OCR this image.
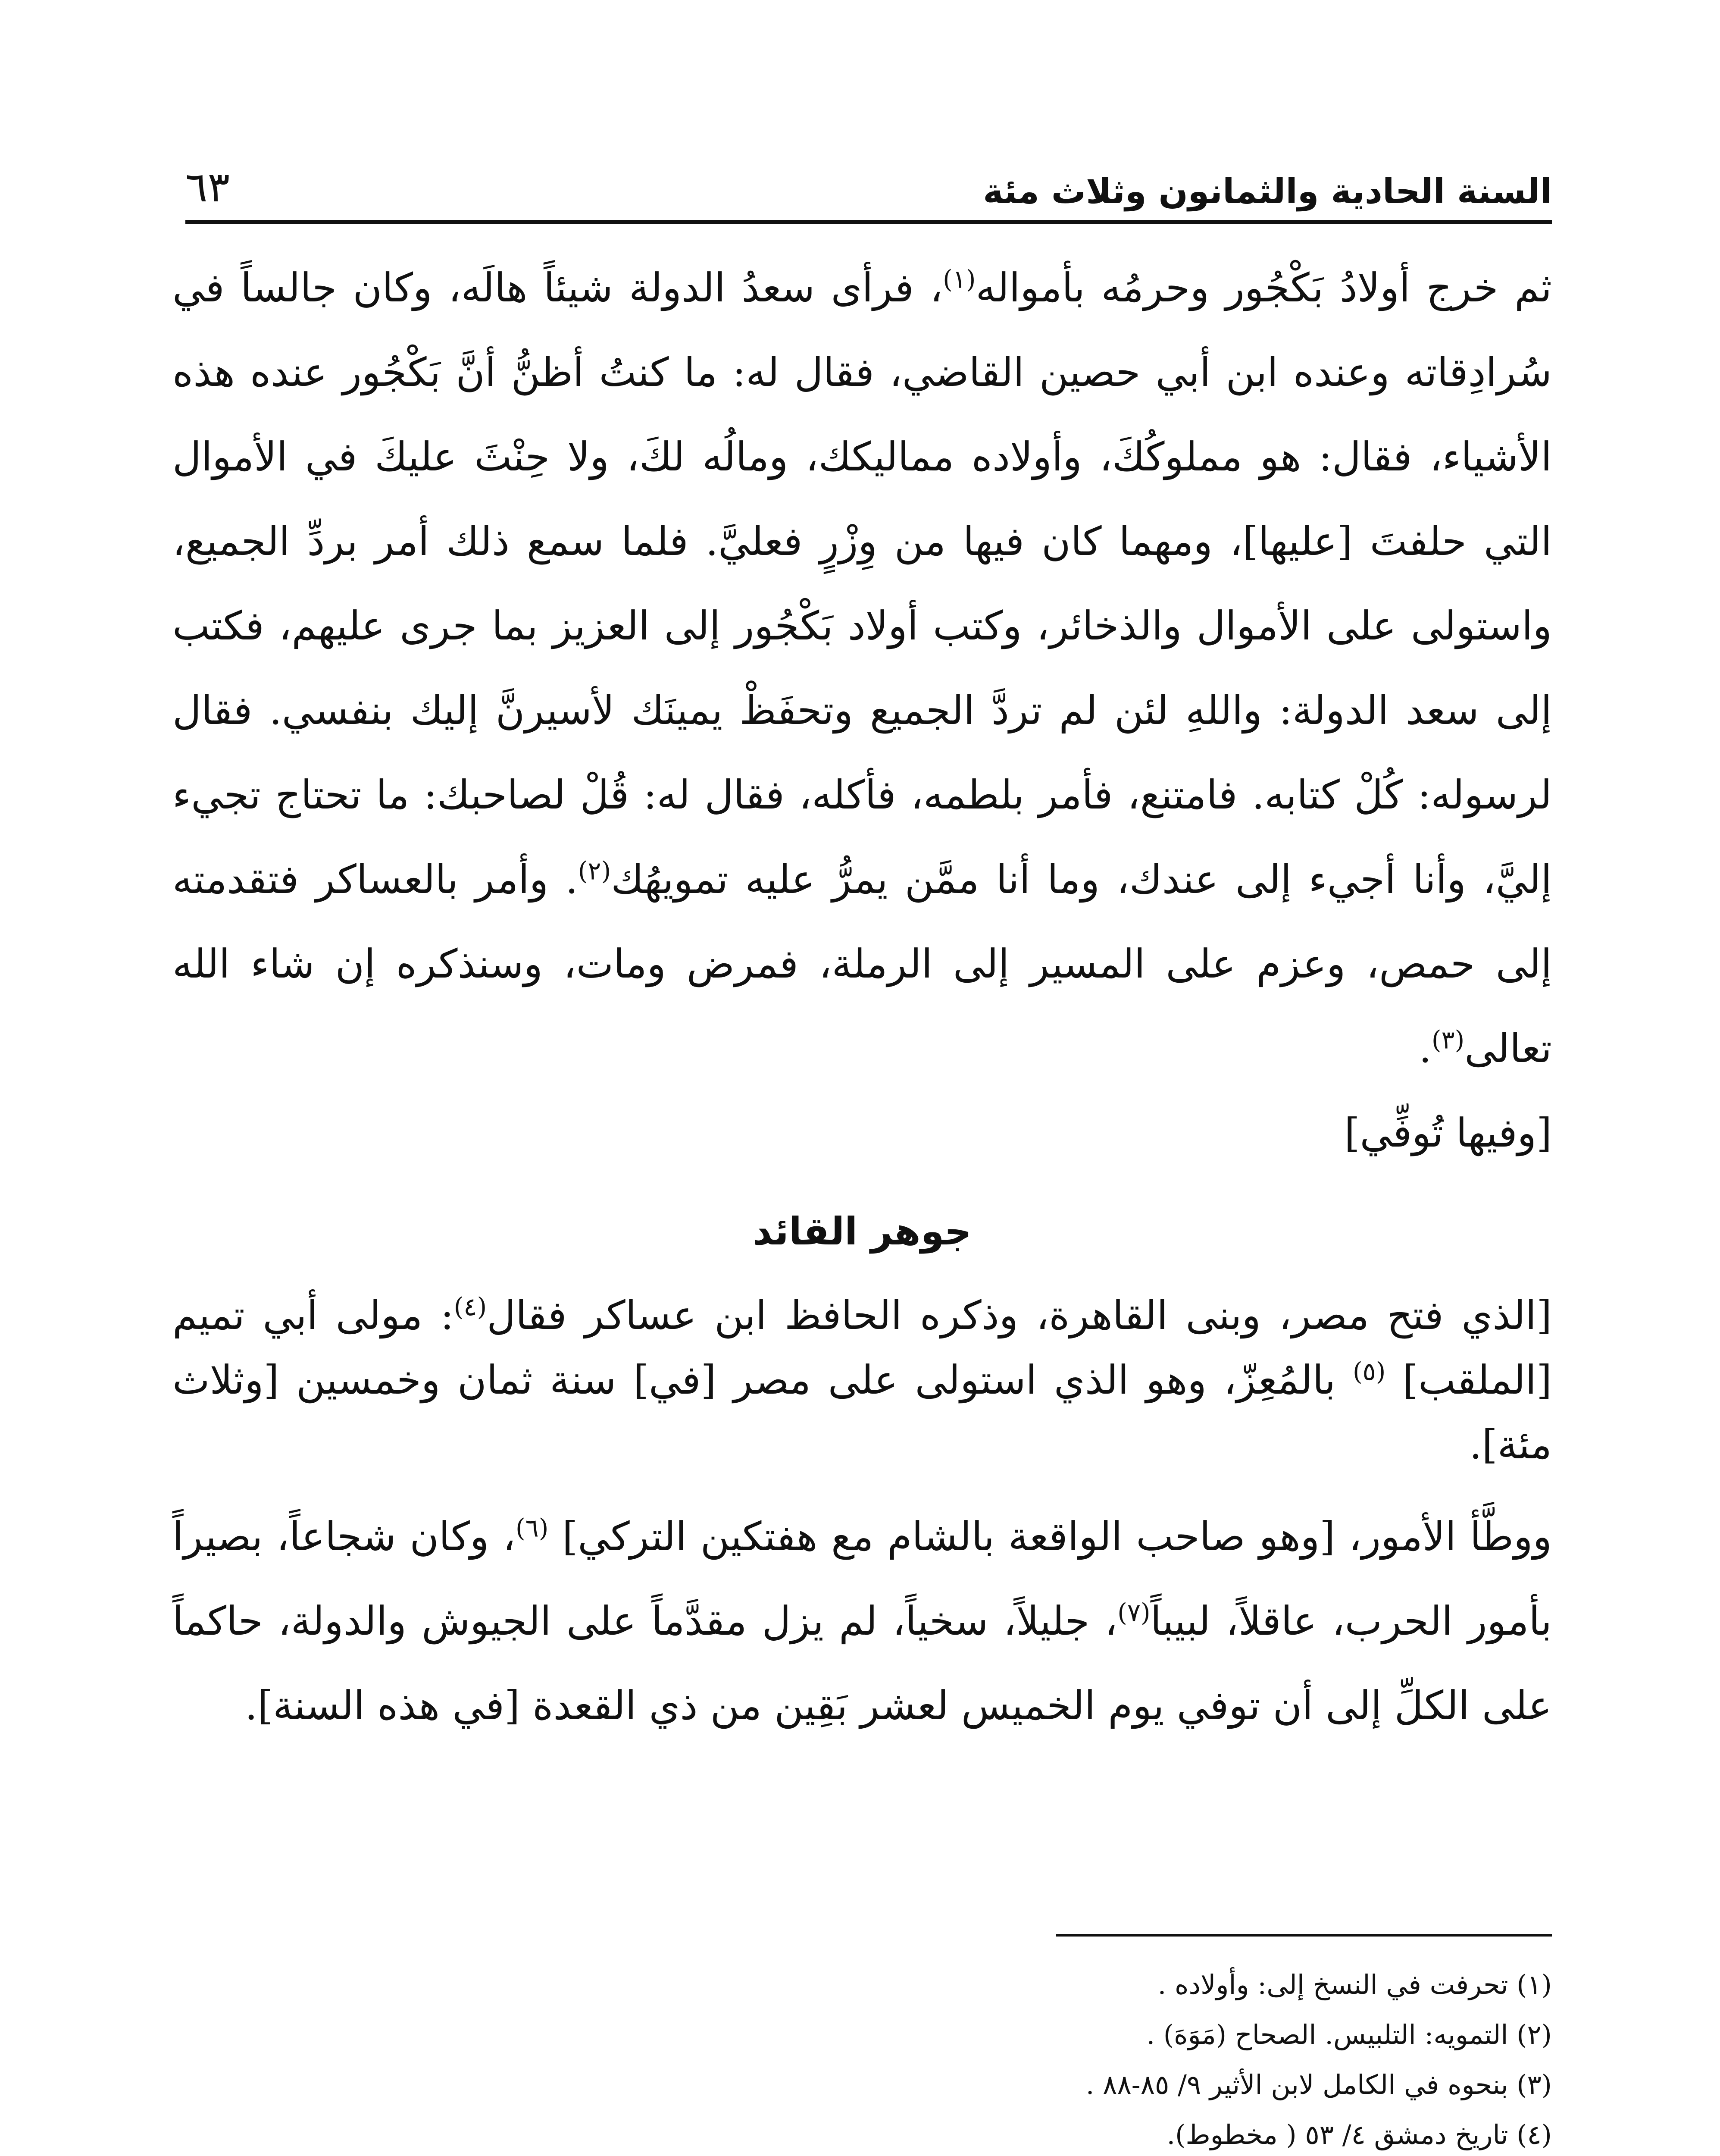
السنة الحادية والثمانون وثلاث مئة
٦٣

ثم خرج أولادُ بَكْجُور وحرمُه بأمواله$^{(١)}$، فرأى سعدُ الدولة شيئاً هالَه، وكان جالساً في سُرادِقاته وعنده ابن أبي حصين القاضي، فقال له: ما كنتُ أظنُّ أنَّ بَكْجُور عنده هذه الأشياء، فقال: هو مملوكُكَ، وأولاده مماليكك، ومالُه لكَ، ولا حِنْثَ عليكَ في الأموال التي حلفتَ [عليها]، ومهما كان فيها من وِزْرٍ فعليَّ. فلما سمع ذلك أمر بردِّ الجميع، واستولى على الأموال والذخائر، وكتب أولاد بَكْجُور إلى العزيز بما جرى عليهم، فكتب إلى سعد الدولة: واللهِ لئن لم تردَّ الجميع وتحفَظْ يمينَك لأسيرنَّ إليك بنفسي. فقال لرسوله: كُلْ كتابه. فامتنع، فأمر بلطمه، فأكله، فقال له: قُلْ لصاحبك: ما تحتاج تجيء إليَّ، وأنا أجيء إلى عندك، وما أنا ممَّن يمرُّ عليه تمويهُك$^{(٢)}$. وأمر بالعساكر فتقدمته إلى حمص، وعزم على المسير إلى الرملة، فمرض ومات، وسنذكره إن شاء الله تعالى$^{(٣)}$.

[وفيها تُوفِّي]

جوهر القائد

[الذي فتح مصر، وبنى القاهرة، وذكره الحافظ ابن عساكر فقال$^{(٤)}$: مولى أبي تميم [الملقب] $^{(٥)}$ بالمُعِزّ، وهو الذي استولى على مصر [في] سنة ثمان وخمسين [وثلاث مئة].

ووطَّأ الأمور، [وهو صاحب الواقعة بالشام مع هفتكين التركي] $^{(٦)}$، وكان شجاعاً، بصيراً بأمور الحرب، عاقلاً، لبيباً$^{(٧)}$، جليلاً، سخياً، لم يزل مقدَّماً على الجيوش والدولة، حاكماً على الكلِّ إلى أن توفي يوم الخميس لعشر بَقِين من ذي القعدة [في هذه السنة].

(١) تحرفت في النسخ إلى: وأولاده .

(٢) التمويه: التلبيس. الصحاح (مَوَهَ) .

(٣) بنحوه في الكامل لابن الأثير ٩/ ٨٥-٨٨ .

(٤) تاريخ دمشق ٤/ ٥٣ ( مخطوط).
